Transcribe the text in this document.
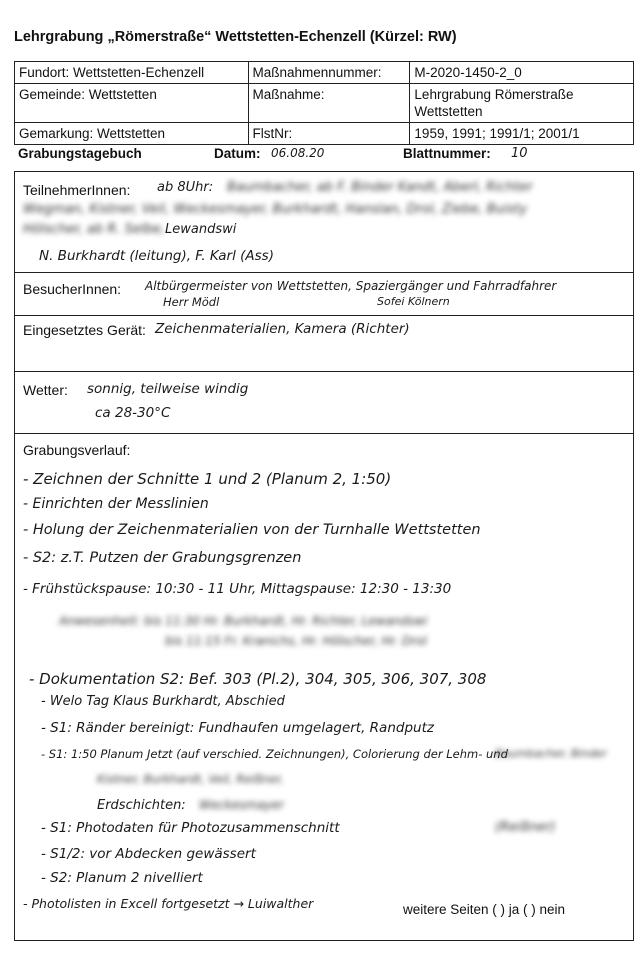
Lehrgrabung „Römerstraße“ Wettstetten-Echenzell (Kürzel: RW)
Fundort: Wettstetten-Echenzell	Maßnahmennummer:	M-2020-1450-2_0
Gemeinde: Wettstetten	Maßnahme:	Lehrgrabung Römerstraße Wettstetten
Gemarkung: Wettstetten	FlstNr:	1959, 1991; 1991/1; 2001/1
Grabungstagebuch	Datum: 06.08.20	Blattnummer: 10
TeilnehmerInnen: ab 8Uhr: Baumbacher, ab F. Binder Kandt, Aberl, Richter
Wegman, Kistner, Veil, Weckesmayer, Burkhardt, Hanslan, Drol, Ziebe, Buisty
Hölscher, ab R. Selbe, Lewandswi
N. Burkhardt (leitung), F. Karl (Ass)
BesucherInnen: Altbürgermeister von Wettstetten, Spaziergänger und Fahrradfahrer
Herr Mödl	Sofei Kölnern
Eingesetztes Gerät: Zeichenmaterialien, Kamera (Richter)
Wetter: sonnig, teilweise windig
ca 28-30°C
Grabungsverlauf:
- Zeichnen der Schnitte 1 und 2 (Planum 2, 1:50)
- Einrichten der Messlinien
- Holung der Zeichenmaterialien von der Turnhalle Wettstetten
- S2: z.T. Putzen der Grabungsgrenzen
- Frühstückspause: 10:30 - 11 Uhr, Mittagspause: 12:30 - 13:30
Anwesenheit: bis 11:30 Hr. Burkhardt, Hr. Richter, Lewandswi
bis 11:15 Fr. Kranichs, Hr. Hölscher, Hr. Drol
- Dokumentation S2: Bef. 303 (Pl.2), 304, 305, 306, 307, 308
- Welo Tag Klaus Burkhardt, Abschied
- S1: Ränder bereinigt: Fundhaufen umgelagert, Randputz
- S1: 1:50 Planum Jetzt (auf verschied. Zeichnungen), Colorierung der Lehm- und
Baumbacher, Binder
Kistner, Burkhardt, Veil, Reißner,
Erdschichten: Weckesmayer
- S1: Photodaten für Photozusammenschnitt	(Reißner)
- S1/2: vor Abdecken gewässert
- S2: Planum 2 nivelliert
- Photolisten in Excell fortgesetzt → Luiwalther	weitere Seiten ( ) ja ( ) nein
